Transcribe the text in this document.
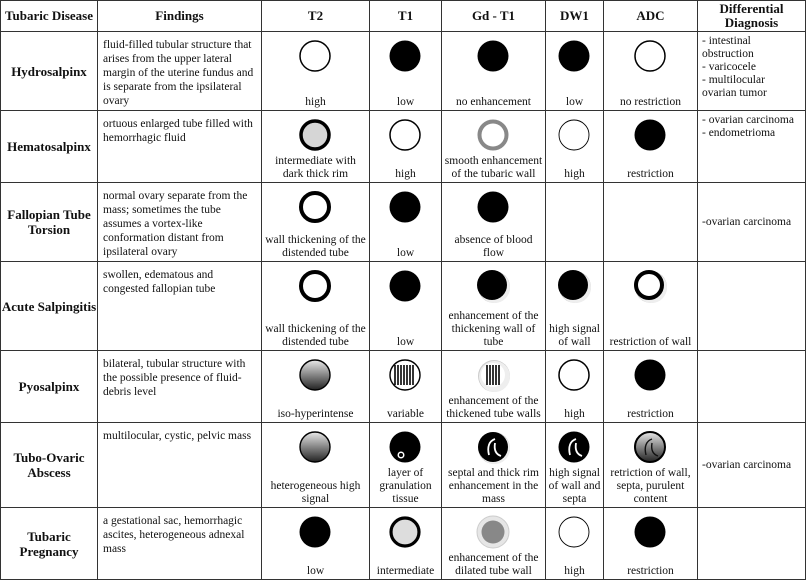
Tubaric Disease	Findings	T2	T1	Gd - T1	DW1	ADC	Differential Diagnosis
Hydrosalpinx	fluid-filled tubular structure that arises from the upper lateral margin of the uterine fundus and is separate from the ipsilateral ovary	high	low	no enhancement	low	no restriction	- intestinal obstruction
- varicocele
- multilocular ovarian tumor
Hematosalpinx	ortuous enlarged tube filled with hemorrhagic fluid	intermediate with dark thick rim	high	smooth enhancement of the tubaric wall	high	restriction	- ovarian carcinoma
- endometrioma
Fallopian Tube Torsion	normal ovary separate from the mass; sometimes the tube assumes a vortex-like conformation distant from ipsilateral ovary	wall thickening of the distended tube	low	absence of blood flow			-ovarian carcinoma
Acute Salpingitis	swollen, edematous and congested fallopian tube	wall thickening of the distended tube	low	enhancement of the thickening wall of tube	high signal of wall	restriction of wall	

Pyosalpinx	bilateral, tubular structure with the possible presence of fluid-debris level	iso-hyperintense	variable	enhancement of the thickened tube walls	high	restriction	

Tubo-Ovaric Abscess	multilocular, cystic, pelvic mass	heterogeneous high signal	layer of granulation tissue	septal and thick rim enhancement in the mass	high signal of wall and septa	retriction of wall, septa, purulent content	-ovarian carcinoma
Tubaric Pregnancy	a gestational sac, hemorrhagic ascites, heterogeneous adnexal mass	low	intermediate	enhancement of the dilated tube wall	high	restriction	
